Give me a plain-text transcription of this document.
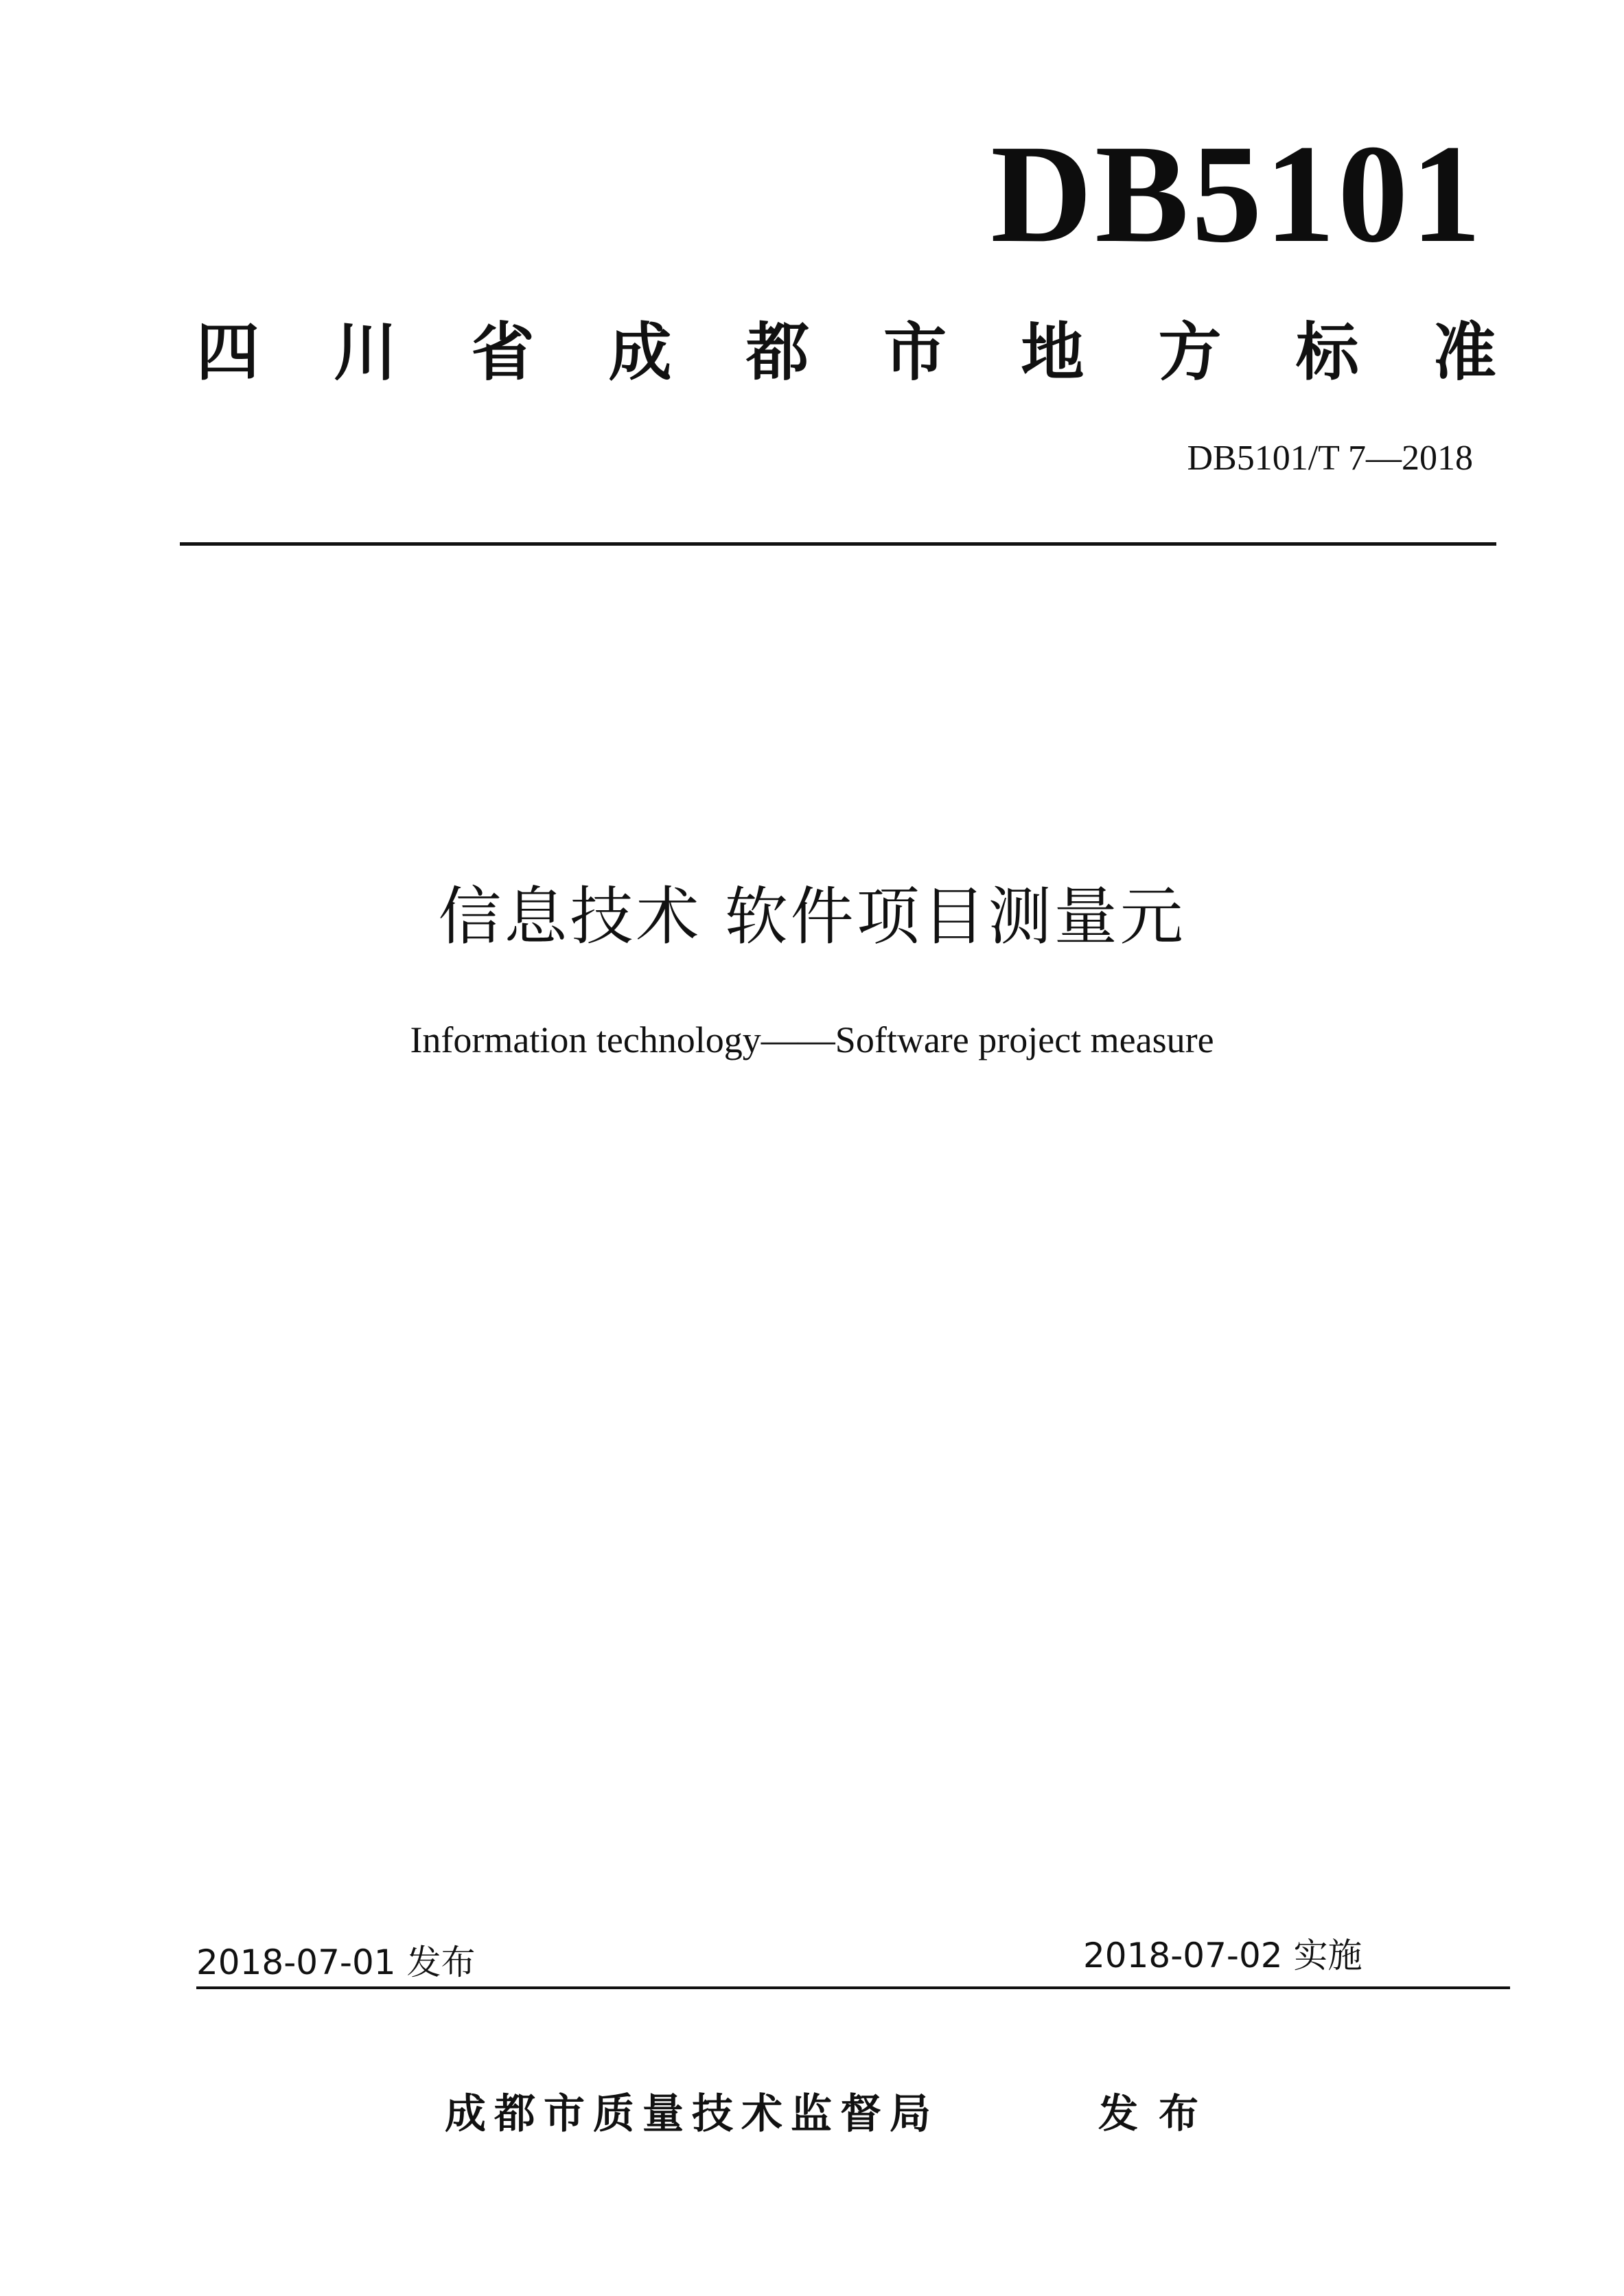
DB5101
四 川 省 成 都 市 地 方 标 准
DB5101/T 7—2018
信息技术 软件项目测量元
Information technology——Software project measure
2018-07-01 发布	2018-07-02 实施
成都市质量技术监督局	发布
